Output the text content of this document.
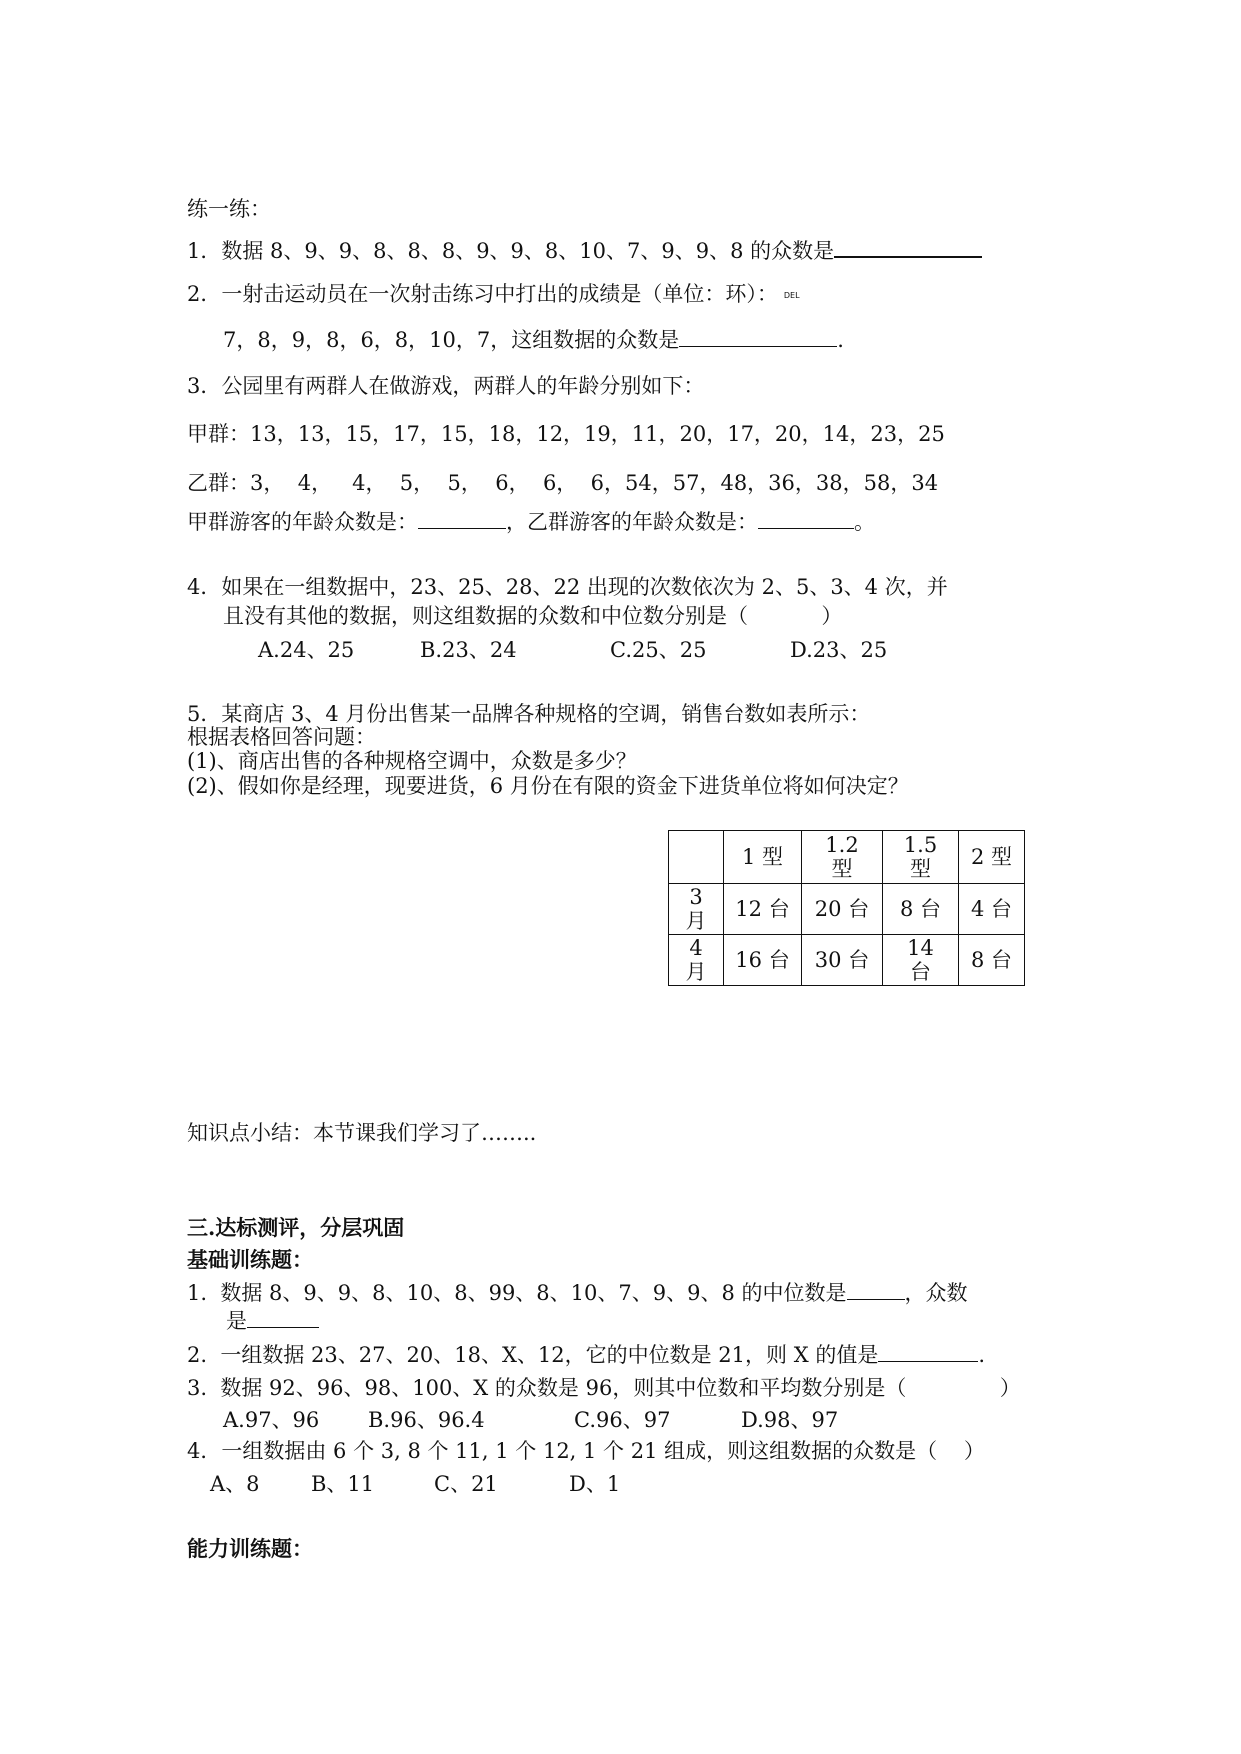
练一练：
1．数据 8、9、9、8、8、8、9、9、8、10、7、9、9、8 的众数是
2．一射击运动员在一次射击练习中打出的成绩是（单位：环）： DEL
7，8，9，8，6，8，10，7，这组数据的众数是	.
3．公园里有两群人在做游戏，两群人的年龄分别如下：
甲群：13，13，15，17，15，18，12，19，11，20，17，20，14，23，25
乙群：3，  4，   4，  5，  5，  6，  6，  6，54，57，48，36，38，58，34
甲群游客的年龄众数是：	，乙群游客的年龄众数是：	。
4．如果在一组数据中，23、25、28、22 出现的次数依次为 2、5、3、4 次，并
且没有其他的数据，则这组数据的众数和中位数分别是（           ）
A.24、25	B.23、24	C.25、25	D.23、25
5．某商店 3、4 月份出售某一品牌各种规格的空调，销售台数如表所示：
根据表格回答问题：
(1)、商店出售的各种规格空调中，众数是多少？
(2)、假如你是经理，现要进货，6 月份在有限的资金下进货单位将如何决定？
	1 型	1.2
型	1.5
型	2 型

3
月	12 台	20 台	8 台	4 台

4
月	16 台	30 台	14
台	8 台
知识点小结：本节课我们学习了……..
三.达标测评，分层巩固
基础训练题：
1.  数据 8、9、9、8、10、8、99、8、10、7、9、9、8 的中位数是	，众数
是
2.  一组数据 23、27、20、18、X、12，它的中位数是 21，则 X 的值是	.
3.  数据 92、96、98、100、X 的众数是 96，则其中位数和平均数分别是（              ）
A.97、96 B.96、96.4	C.96、97	D.98、97
4．一组数据由 6 个 3, 8 个 11, 1 个 12, 1 个 21 组成，则这组数据的众数是（    ）
A、8 B、11	C、21	D、1
能力训练题：
